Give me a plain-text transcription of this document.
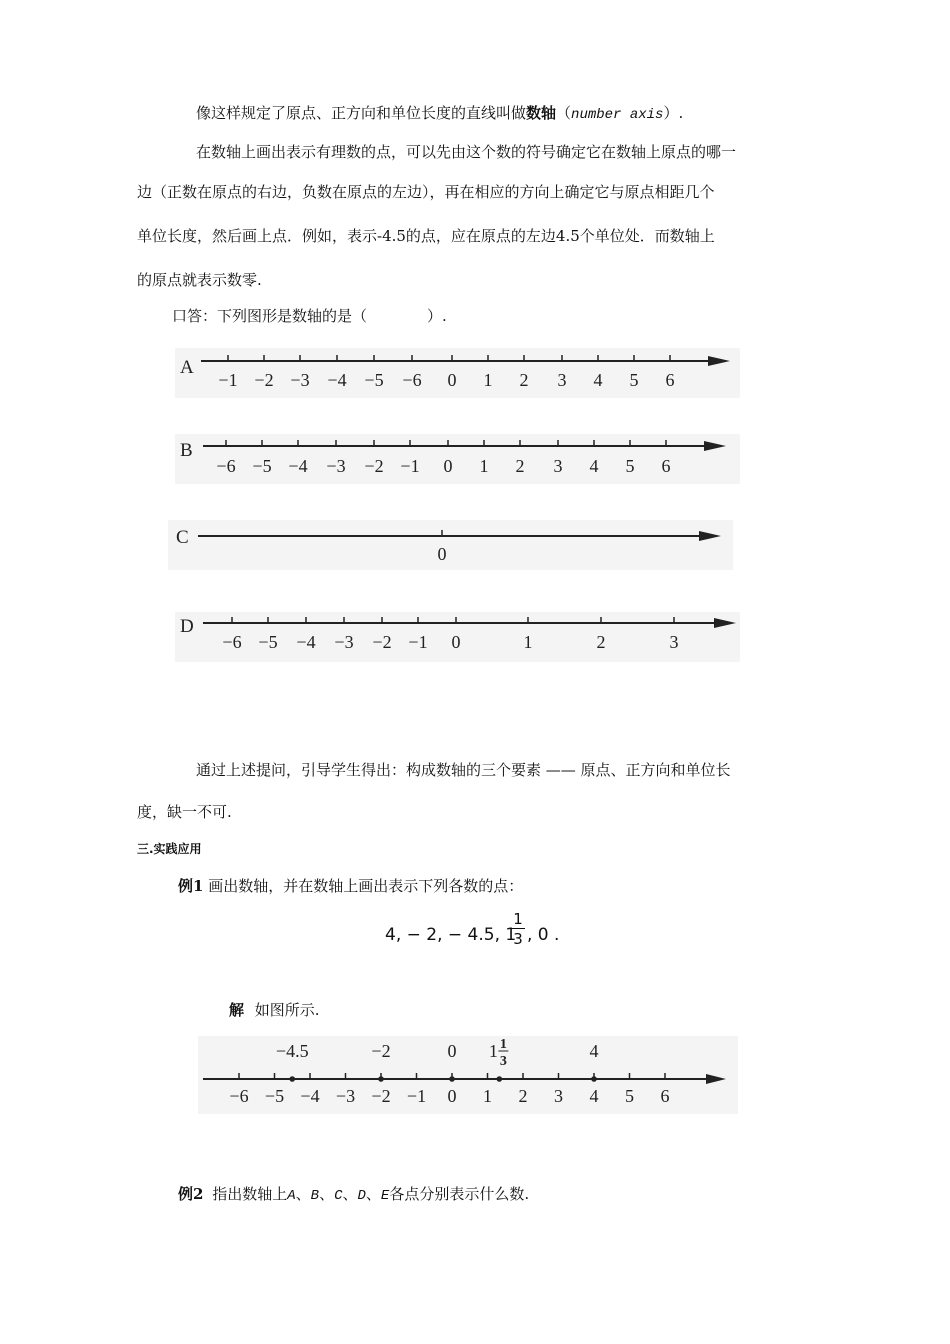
像这样规定了原点、正方向和单位长度的直线叫做数轴（number axis）.
在数轴上画出表示有理数的点，可以先由这个数的符号确定它在数轴上原点的哪一
边（正数在原点的右边，负数在原点的左边），再在相应的方向上确定它与原点相距几个
单位长度，然后画上点．例如，表示-4.5的点，应在原点的左边4.5个单位处．而数轴上
的原点就表示数零.
口答：下列图形是数轴的是（　　　　）.
A
−1 −2 −3 −4 −5 −6 0 1 2 3 4 5 6
B
−6 −5 −4 −3 −2 −1 0 1 2 3 4 5 6
C
0
D
−6 −5 −4 −3 −2 −1 0	1	2	3
−6 −5 −4 −3 −2 −1 0 1 2 3 4 5 6
−4.5	−2	0 1 1
3
4
通过上述提问，引导学生得出：构成数轴的三个要素 —— 原点、正方向和单位长
度，缺一不可.
三.实践应用
例1 画出数轴，并在数轴上画出表示下列各数的点：
4, − 2, − 4.5, 1
1
3 , 0 .
解 如图所示.
例2 指出数轴上A、B、C、D、E各点分别表示什么数.
